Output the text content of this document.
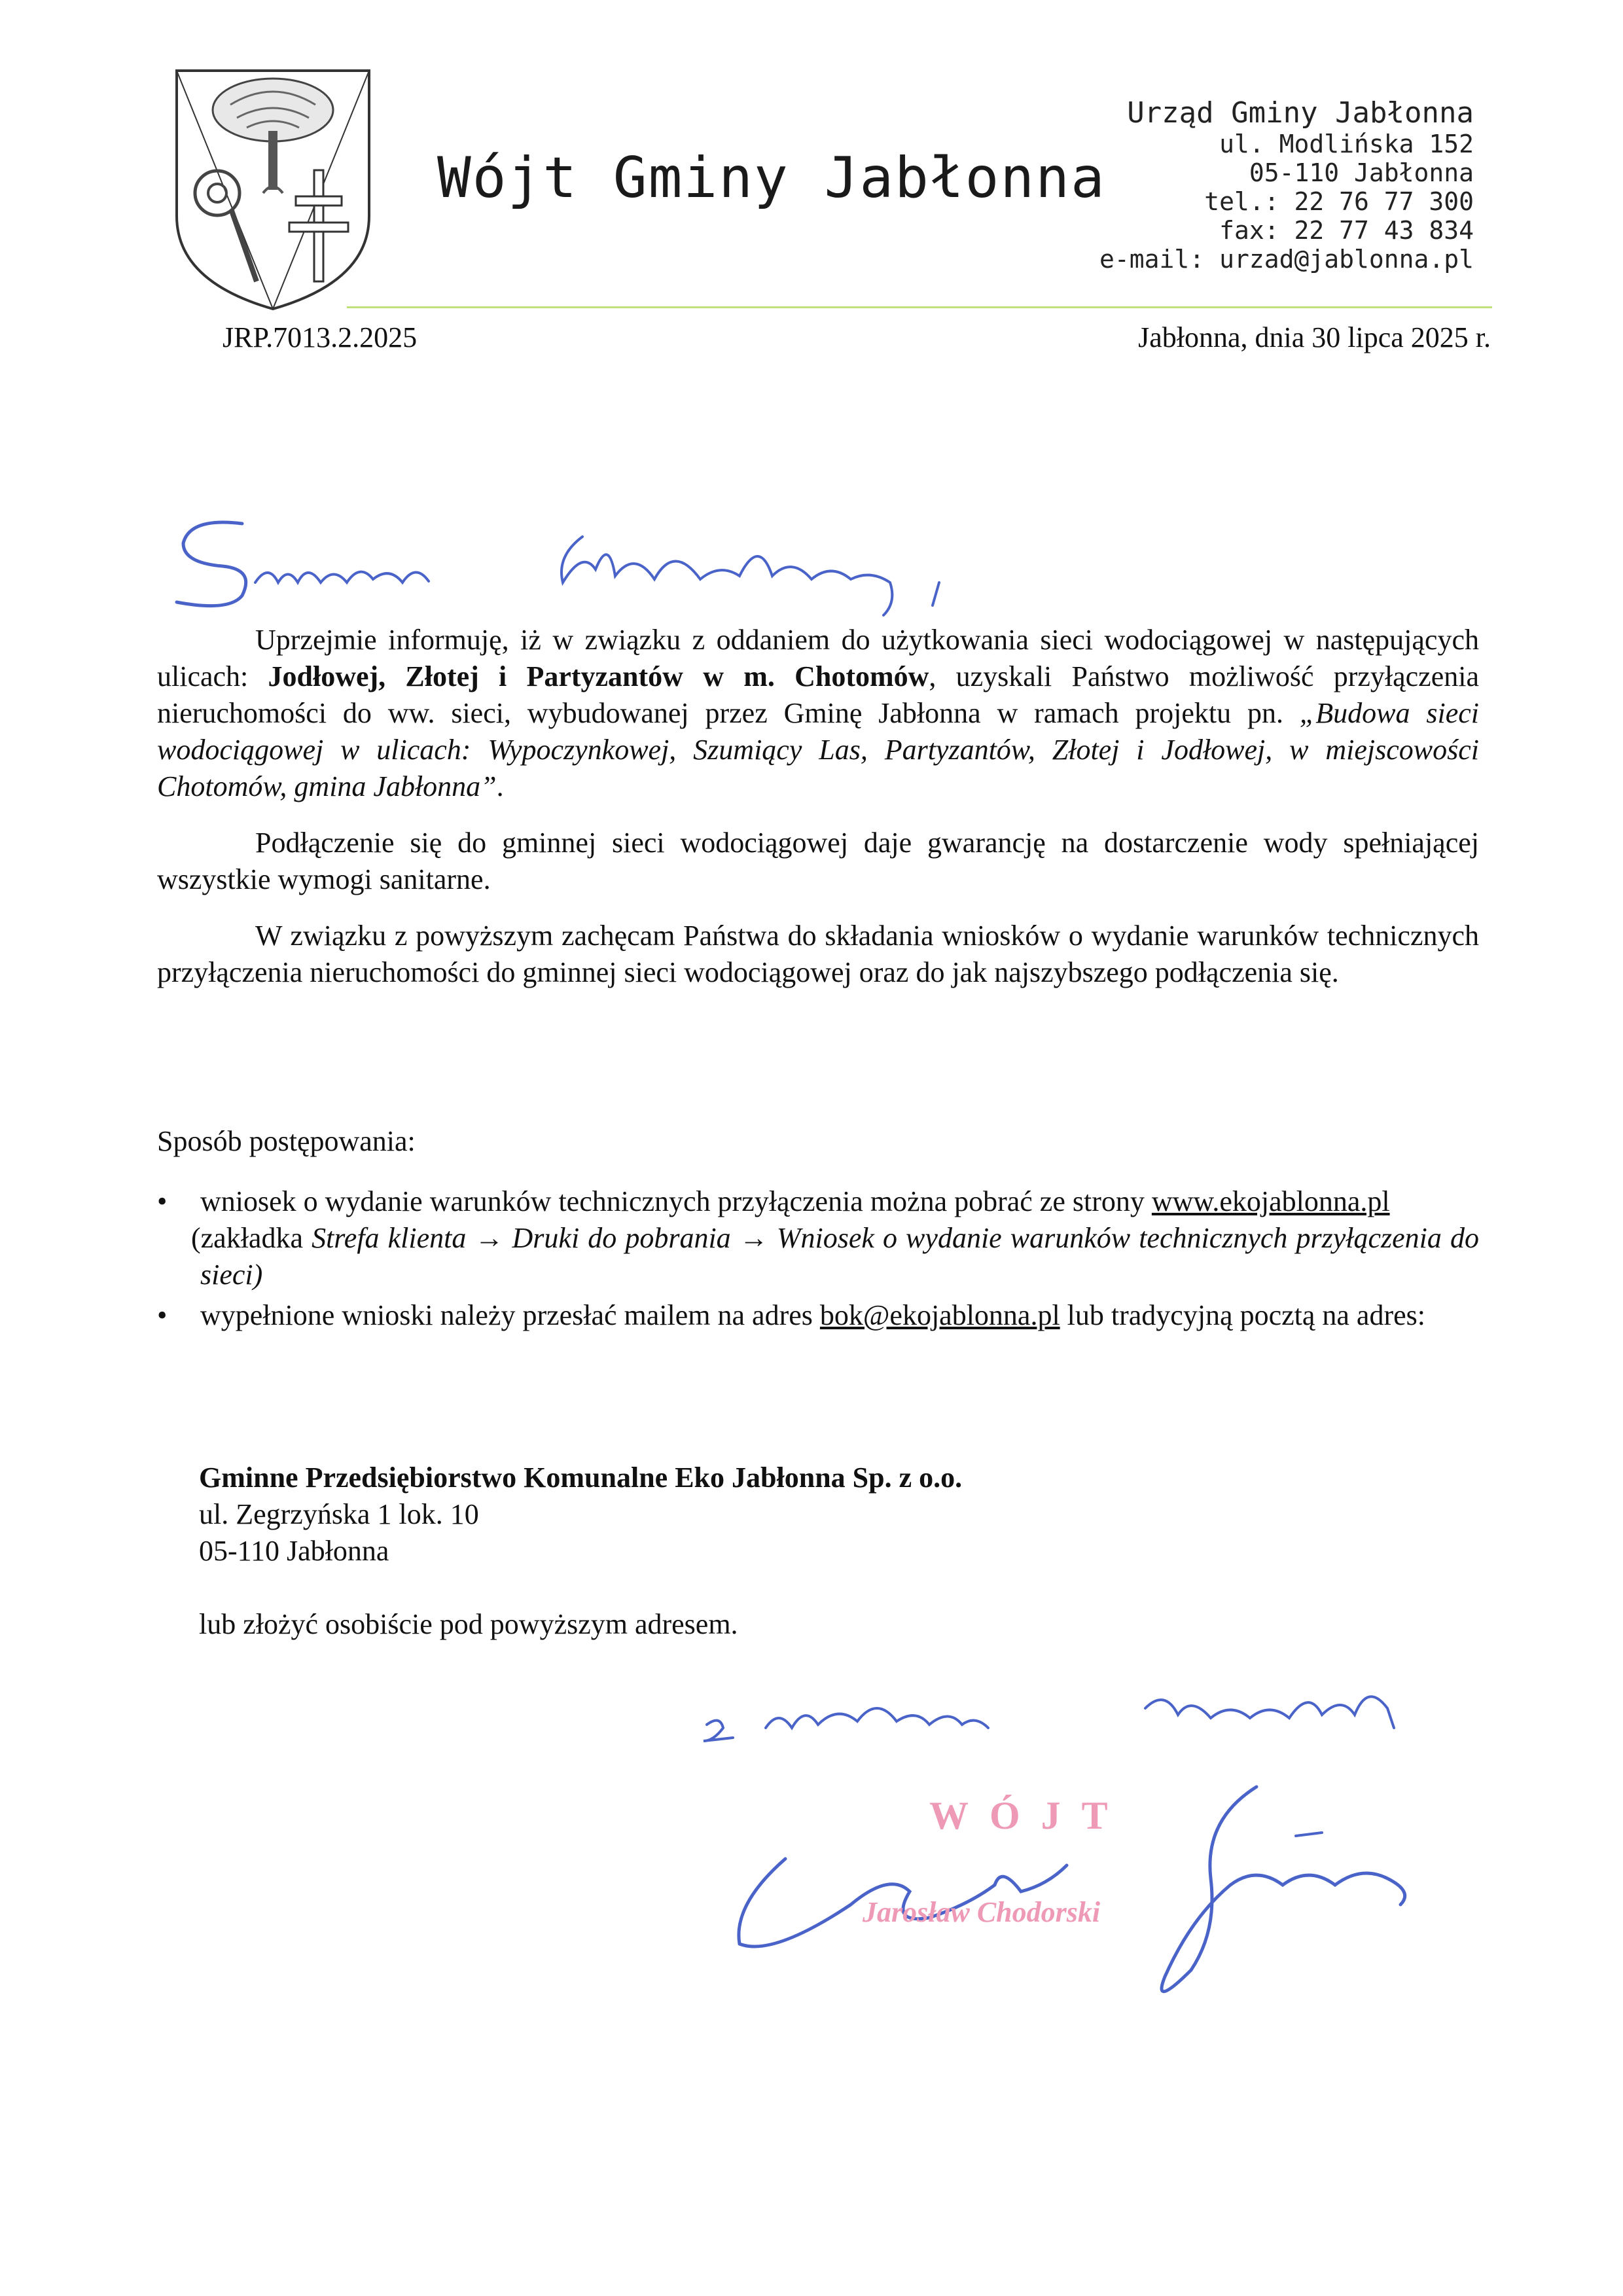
Wójt Gminy Jabłonna
Urząd Gminy Jabłonna
ul. Modlińska 152
05-110 Jabłonna
tel.: 22 76 77 300
fax: 22 77 43 834
e-mail: urzad@jablonna.pl
JRP.7013.2.2025	Jabłonna, dnia 30 lipca 2025 r.

Uprzejmie informuję, iż w związku z oddaniem do użytkowania sieci wodociągowej w następujących ulicach: Jodłowej, Złotej i Partyzantów w m. Chotomów, uzyskali Państwo możliwość przyłączenia nieruchomości do ww. sieci, wybudowanej przez Gminę Jabłonna w ramach projektu pn. „Budowa sieci wodociągowej w ulicach: Wypoczynkowej, Szumiący Las, Partyzantów, Złotej i Jodłowej, w miejscowości Chotomów, gmina Jabłonna”.

Podłączenie się do gminnej sieci wodociągowej daje gwarancję na dostarczenie wody spełniającej wszystkie wymogi sanitarne.

W związku z powyższym zachęcam Państwa do składania wniosków o wydanie warunków technicznych przyłączenia nieruchomości do gminnej sieci wodociągowej oraz do jak najszybszego podłączenia się.

Sposób postępowania:
• wniosek o wydanie warunków technicznych przyłączenia można pobrać ze strony www.ekojablonna.pl
(zakładka Strefa klienta → Druki do pobrania → Wniosek o wydanie warunków technicznych przyłączenia do sieci)
• wypełnione wnioski należy przesłać mailem na adres bok@ekojablonna.pl lub tradycyjną pocztą na adres:
Gminne Przedsiębiorstwo Komunalne Eko Jabłonna Sp. z o.o.
ul. Zegrzyńska 1 lok. 10
05-110 Jabłonna
lub złożyć osobiście pod powyższym adresem.
WÓJT
Jarosław Chodorski
